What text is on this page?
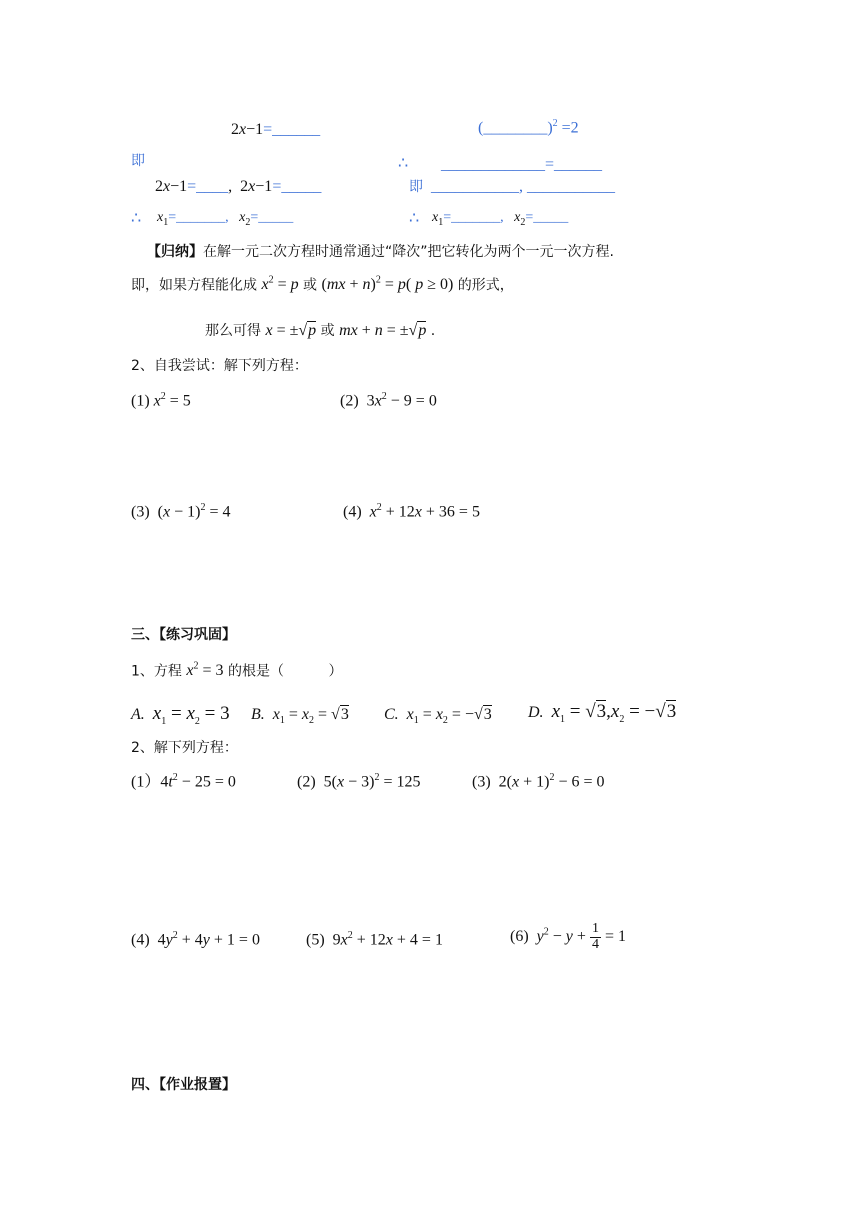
2x−1=______	(________)$^2$ =2
即	∴ _____________=______
2x−1=____,  2x−1=_____	即  ___________, ___________
∴ $x_1=\_\_\_\_\_\_\_$, $x_2=\_\_\_\_\_$	∴ $x_1=\_\_\_\_\_\_\_$, $x_2=\_\_\_\_\_$
【归纳】在解一元二次方程时通常通过“降次”把它转化为两个一元一次方程.
即，如果方程能化成 $x^2 = p$ 或 (mx + n)$^2$ = p( p ≥ 0) 的形式，
那么可得 x = ±√p 或 mx + n = ±√p .
2、自我尝试：解下列方程：
(1) $x^2 = 5$	(2)  $3x^2 - 9 = 0$
(3)  $(x - 1)^2 = 4$	(4)  $x^2 + 12x + 36 = 5$
三、【练习巩固】
1、方程 $x^2 = 3$ 的根是（          ）
A. $x_1 = x_2 = 3$ B. $x_1 = x_2 = √3$ C. $x_1 = x_2 = -√3$ D. $x_1 = √3,x_2 = -√3$
2、解下列方程：
$(1)4t^2 - 25 = 0$	(2)  $5(x - 3)^2 = 125$	(3)  $2(x + 1)^2 - 6 = 0$
(4)  $4y^2 + 4y + 1 = 0$	(5)  $9x^2 + 12x + 4 = 1$	(6)  $y^2 - y + \frac{1}{4} = 1$
四、【作业报置】
